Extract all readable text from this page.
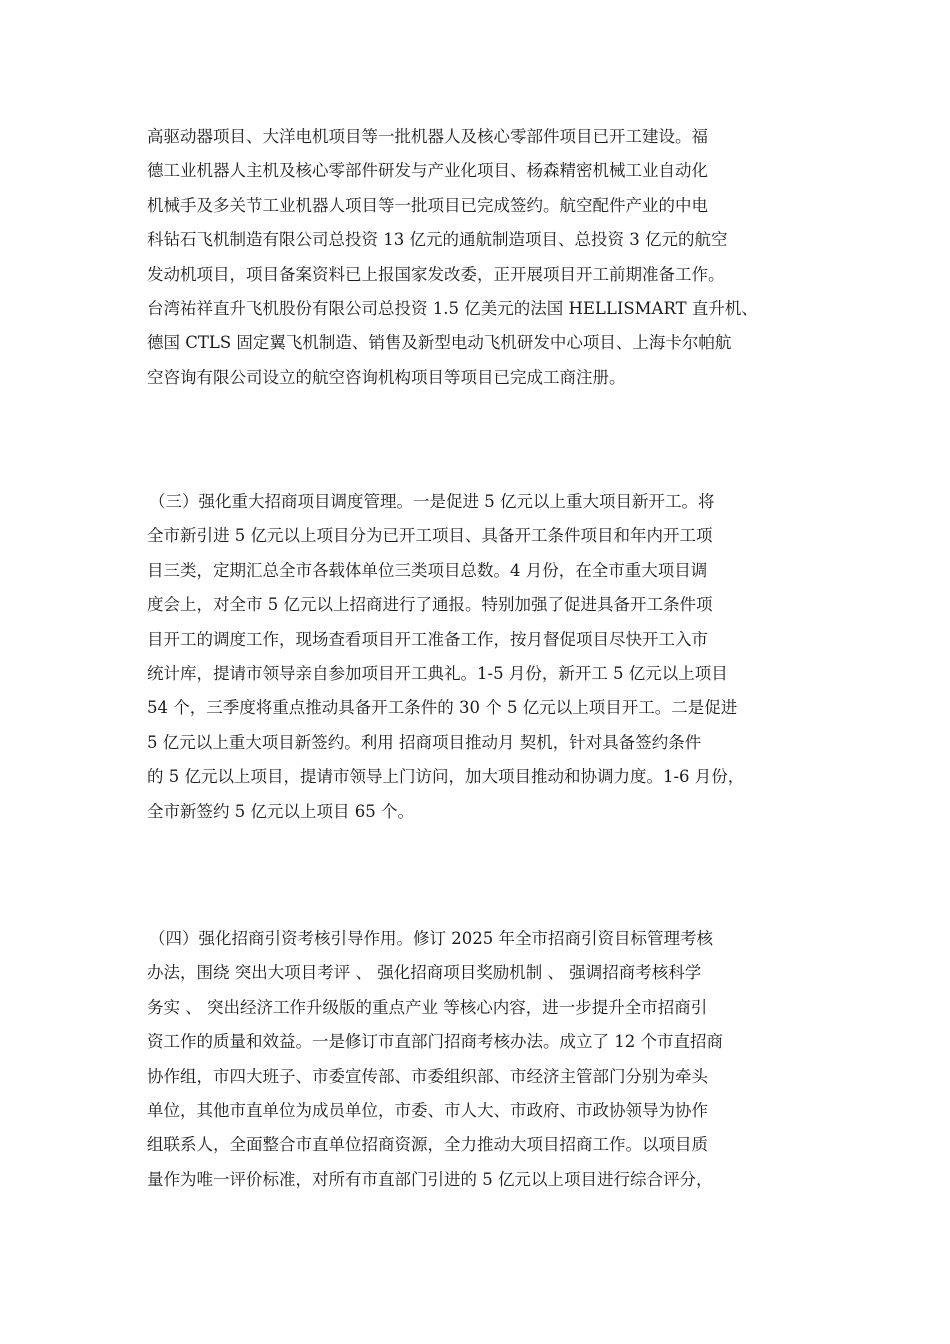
高驱动器项目、大洋电机项目等一批机器人及核心零部件项目已开工建设。福
德工业机器人主机及核心零部件研发与产业化项目、杨森精密机械工业自动化
机械手及多关节工业机器人项目等一批项目已完成签约。航空配件产业的中电
科钻石飞机制造有限公司总投资 13 亿元的通航制造项目、总投资 3 亿元的航空
发动机项目，项目备案资料已上报国家发改委，正开展项目开工前期准备工作。
台湾祐祥直升飞机股份有限公司总投资 1.5 亿美元的法国 HELLISMART 直升机、
德国 CTLS 固定翼飞机制造、销售及新型电动飞机研发中心项目、上海卡尔帕航
空咨询有限公司设立的航空咨询机构项目等项目已完成工商注册。
（三）强化重大招商项目调度管理。一是促进 5 亿元以上重大项目新开工。将
全市新引进 5 亿元以上项目分为已开工项目、具备开工条件项目和年内开工项
目三类，定期汇总全市各载体单位三类项目总数。4 月份，在全市重大项目调
度会上，对全市 5 亿元以上招商进行了通报。特别加强了促进具备开工条件项
目开工的调度工作，现场查看项目开工准备工作，按月督促项目尽快开工入市
统计库，提请市领导亲自参加项目开工典礼。1-5 月份，新开工 5 亿元以上项目
54 个，三季度将重点推动具备开工条件的 30 个 5 亿元以上项目开工。二是促进
5 亿元以上重大项目新签约。利用 招商项目推动月 契机，针对具备签约条件
的 5 亿元以上项目，提请市领导上门访问，加大项目推动和协调力度。1-6 月份，
全市新签约 5 亿元以上项目 65 个。
（四）强化招商引资考核引导作用。修订 2025 年全市招商引资目标管理考核
办法，围绕 突出大项目考评 、 强化招商项目奖励机制 、 强调招商考核科学
务实 、 突出经济工作升级版的重点产业 等核心内容，进一步提升全市招商引
资工作的质量和效益。一是修订市直部门招商考核办法。成立了 12 个市直招商
协作组，市四大班子、市委宣传部、市委组织部、市经济主管部门分别为牵头
单位，其他市直单位为成员单位，市委、市人大、市政府、市政协领导为协作
组联系人，全面整合市直单位招商资源，全力推动大项目招商工作。以项目质
量作为唯一评价标准，对所有市直部门引进的 5 亿元以上项目进行综合评分，
